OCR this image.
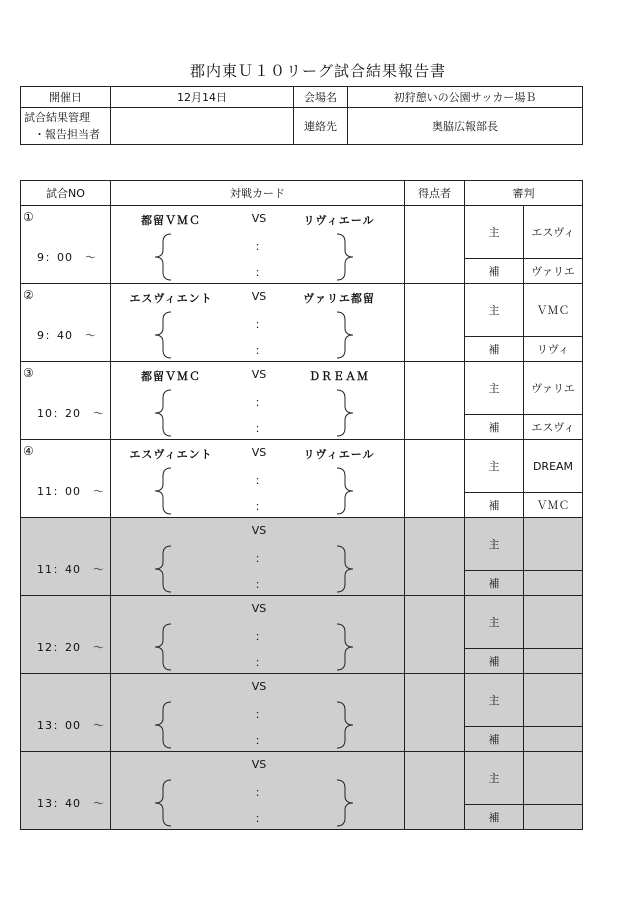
郡内東Ｕ１０リーグ試合結果報告書
開催日	12月14日	会場名	初狩憩いの公園サッカー場Ｂ

試合結果管理
・報告担当者		連絡先	奥脇広報部長
試合NO	対戦カード	得点者	審判	

①
9：00　 ～	都留ＶＭＣ VS リヴィエール
：
：		主	エスヴィ
			補	ヴァリエ

②
9：40　 ～	エスヴィエント VS ヴァリエ都留
：
：		主	ＶＭＣ
			補	リヴィ

③
10：20　 ～	都留ＶＭＣ VS ＤＲＥＡＭ
：
：		主	ヴァリエ
			補	エスヴィ

④
11：00　 ～	エスヴィエント VS リヴィエール
：
：		主	DREAM
			補	ＶＭＣ

11：40　 ～	VS
：
：		主	
			補	

12：20　 ～	VS
：
：		主	
			補	

13：00　 ～	VS
：
：		主	
			補	

13：40　 ～	VS
：
：		主	
			補	
